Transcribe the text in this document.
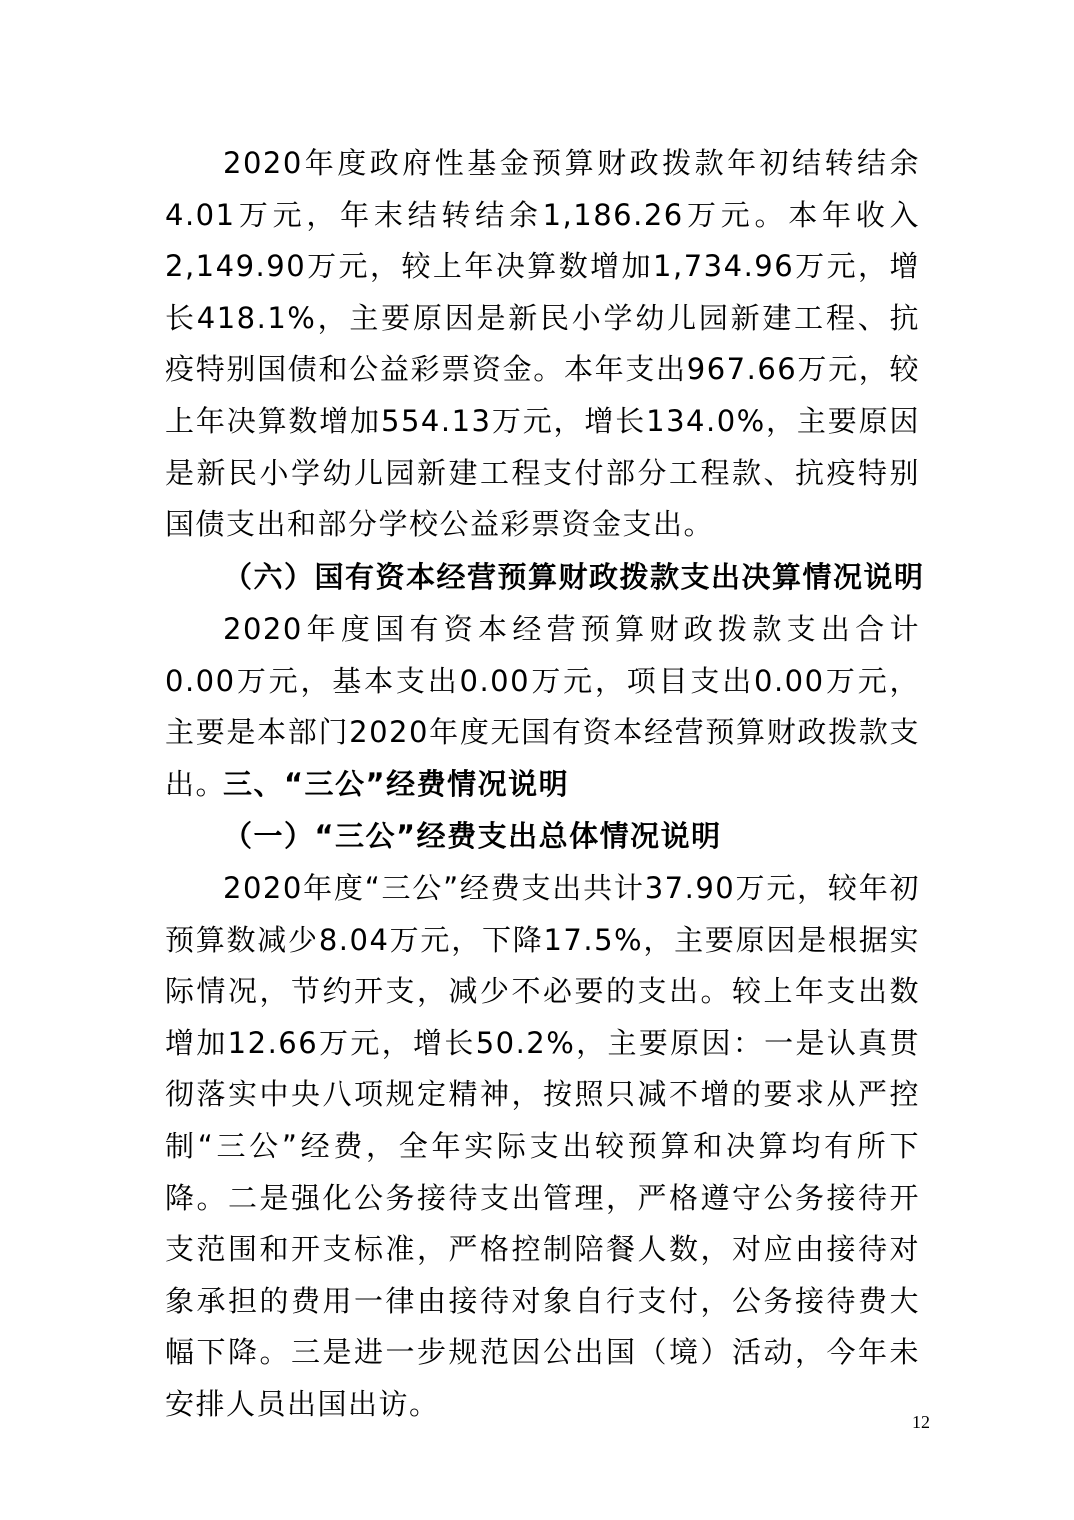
2020年度政府性基金预算财政拨款年初结转结余4.01万元，年末结转结余1,186.26万元。本年收入2,149.90万元，较上年决算数增加1,734.96万元，增长418.1%，主要原因是新民小学幼儿园新建工程、抗疫特别国债和公益彩票资金。本年支出967.66万元，较上年决算数增加554.13万元，增长134.0%，主要原因是新民小学幼儿园新建工程支付部分工程款、抗疫特别国债支出和部分学校公益彩票资金支出。

（六）国有资本经营预算财政拨款支出决算情况说明

2020年度国有资本经营预算财政拨款支出合计0.00万元，基本支出0.00万元，项目支出0.00万元，主要是本部门2020年度无国有资本经营预算财政拨款支出。

三、“三公”经费情况说明
（一）“三公”经费支出总体情况说明

2020年度“三公”经费支出共计37.90万元，较年初预算数减少8.04万元，下降17.5%，主要原因是根据实际情况，节约开支，减少不必要的支出。较上年支出数增加12.66万元，增长50.2%，主要原因：一是认真贯彻落实中央八项规定精神，按照只减不增的要求从严控制“三公”经费，全年实际支出较预算和决算均有所下降。二是强化公务接待支出管理，严格遵守公务接待开支范围和开支标准，严格控制陪餐人数，对应由接待对象承担的费用一律由接待对象自行支付，公务接待费大幅下降。三是进一步规范因公出国（境）活动，今年未安排人员出国出访。

12
